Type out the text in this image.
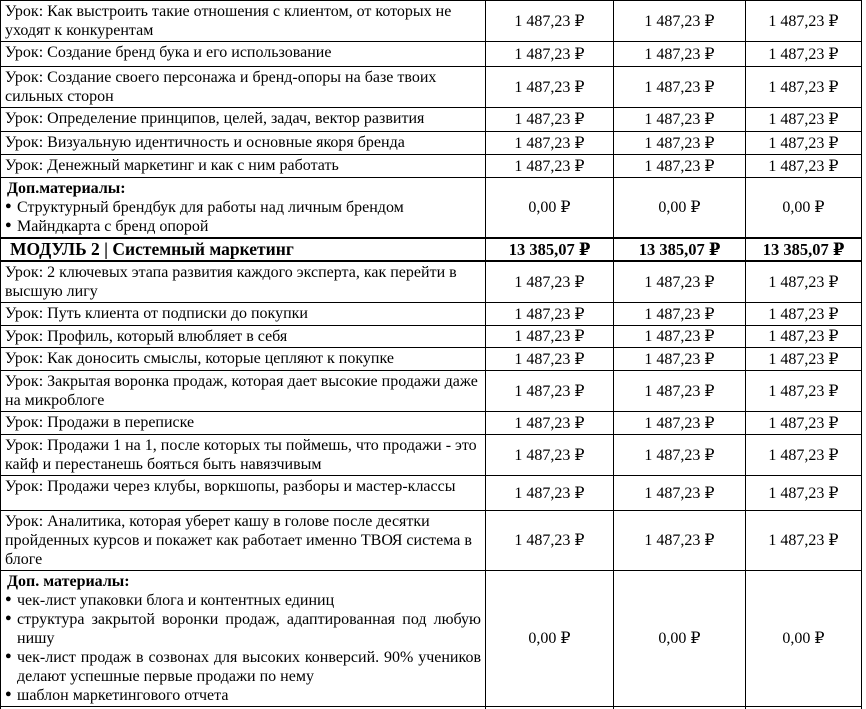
Урок: Как выстроить такие отношения с клиентом, от которых не уходят к конкурентам	1 487,23 ₽	1 487,23 ₽	1 487,23 ₽
Урок: Создание бренд бука и его использование	1 487,23 ₽	1 487,23 ₽	1 487,23 ₽
Урок: Создание своего персонажа и бренд-опоры на базе твоих сильных сторон	1 487,23 ₽	1 487,23 ₽	1 487,23 ₽
Урок: Определение принципов, целей, задач, вектор развития	1 487,23 ₽	1 487,23 ₽	1 487,23 ₽
Урок: Визуальную идентичность и основные якоря бренда	1 487,23 ₽	1 487,23 ₽	1 487,23 ₽
Урок: Денежный маркетинг и как с ним работать	1 487,23 ₽	1 487,23 ₽	1 487,23 ₽

Доп.материалы:
● Структурный брендбук для работы над личным брендом
● Майндкарта с бренд опорой	0,00 ₽	0,00 ₽	0,00 ₽
МОДУЛЬ 2 | Системный маркетинг	13 385,07 ₽	13 385,07 ₽	13 385,07 ₽
Урок: 2 ключевых этапа развития каждого эксперта, как перейти в высшую лигу	1 487,23 ₽	1 487,23 ₽	1 487,23 ₽
Урок: Путь клиента от подписки до покупки	1 487,23 ₽	1 487,23 ₽	1 487,23 ₽
Урок: Профиль, который влюбляет в себя	1 487,23 ₽	1 487,23 ₽	1 487,23 ₽
Урок: Как доносить смыслы, которые цепляют к покупке	1 487,23 ₽	1 487,23 ₽	1 487,23 ₽
Урок: Закрытая воронка продаж, которая дает высокие продажи даже на микроблоге	1 487,23 ₽	1 487,23 ₽	1 487,23 ₽
Урок: Продажи в переписке	1 487,23 ₽	1 487,23 ₽	1 487,23 ₽
Урок: Продажи 1 на 1, после которых ты поймешь, что продажи - это кайф и перестанешь бояться быть навязчивым	1 487,23 ₽	1 487,23 ₽	1 487,23 ₽
Урок: Продажи через клубы, воркшопы, разборы и мастер-классы	1 487,23 ₽	1 487,23 ₽	1 487,23 ₽
Урок: Аналитика, которая уберет кашу в голове после десятки пройденных курсов и покажет как работает именно ТВОЯ система в блоге	1 487,23 ₽	1 487,23 ₽	1 487,23 ₽

Доп. материалы:
● чек-лист упаковки блога и контентных единиц
● структура закрытой воронки продаж, адаптированная под любую нишу
● чек-лист продаж в созвонах для высоких конверсий. 90% учеников делают успешные первые продажи по нему
● шаблон маркетингового отчета	0,00 ₽	0,00 ₽	0,00 ₽
